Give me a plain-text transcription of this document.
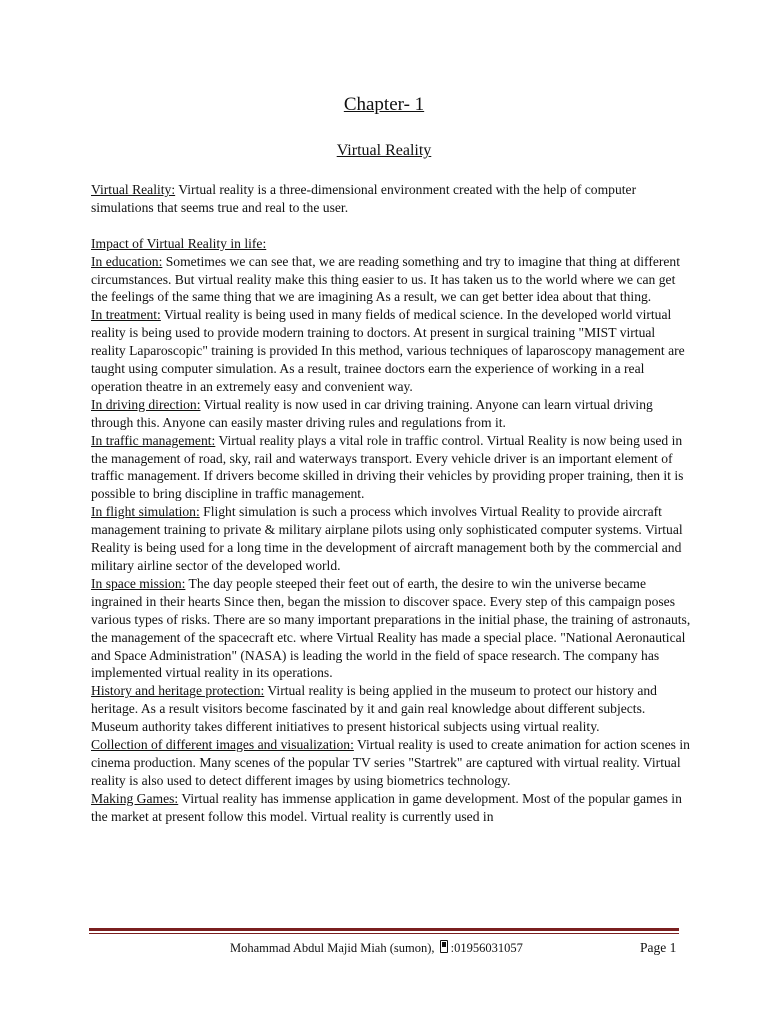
Chapter- 1
Virtual Reality

Virtual Reality: Virtual reality is a three-dimensional environment created with the help of computer simulations that seems true and real to the user.

Impact of Virtual Reality in life:

In education: Sometimes we can see that, we are reading something and try to imagine that thing at different circumstances. But virtual reality make this thing easier to us. It has taken us to the world where we can get the feelings of the same thing that we are imagining As a result, we can get better idea about that thing.

In treatment: Virtual reality is being used in many fields of medical science. In the developed world virtual reality is being used to provide modern training to doctors. At present in surgical training "MIST virtual reality Laparoscopic" training is provided In this method, various techniques of laparoscopy management are taught using computer simulation. As a result, trainee doctors earn the experience of working in a real operation theatre in an extremely easy and convenient way.

In driving direction: Virtual reality is now used in car driving training. Anyone can learn virtual driving through this. Anyone can easily master driving rules and regulations from it.

In traffic management: Virtual reality plays a vital role in traffic control. Virtual Reality is now being used in the management of road, sky, rail and waterways transport. Every vehicle driver is an important element of traffic management. If drivers become skilled in driving their vehicles by providing proper training, then it is possible to bring discipline in traffic management.

In flight simulation: Flight simulation is such a process which involves Virtual Reality to provide aircraft management training to private & military airplane pilots using only sophisticated computer systems. Virtual Reality is being used for a long time in the development of aircraft management both by the commercial and military airline sector of the developed world.

In space mission: The day people steeped their feet out of earth, the desire to win the universe became ingrained in their hearts Since then, began the mission to discover space. Every step of this campaign poses various types of risks. There are so many important preparations in the initial phase, the training of astronauts, the management of the spacecraft etc. where Virtual Reality has made a special place. "National Aeronautical and Space Administration" (NASA) is leading the world in the field of space research. The company has implemented virtual reality in its operations.

History and heritage protection: Virtual reality is being applied in the museum to protect our history and heritage. As a result visitors become fascinated by it and gain real knowledge about different subjects. Museum authority takes different initiatives to present historical subjects using virtual reality.

Collection of different images and visualization: Virtual reality is used to create animation for action scenes in cinema production. Many scenes of the popular TV series "Startrek" are captured with virtual reality. Virtual reality is also used to detect different images by using biometrics technology.

Making Games: Virtual reality has immense application in game development. Most of the popular games in the market at present follow this model. Virtual reality is currently used in

Mohammad Abdul Majid Miah (sumon), :01956031057	Page 1
